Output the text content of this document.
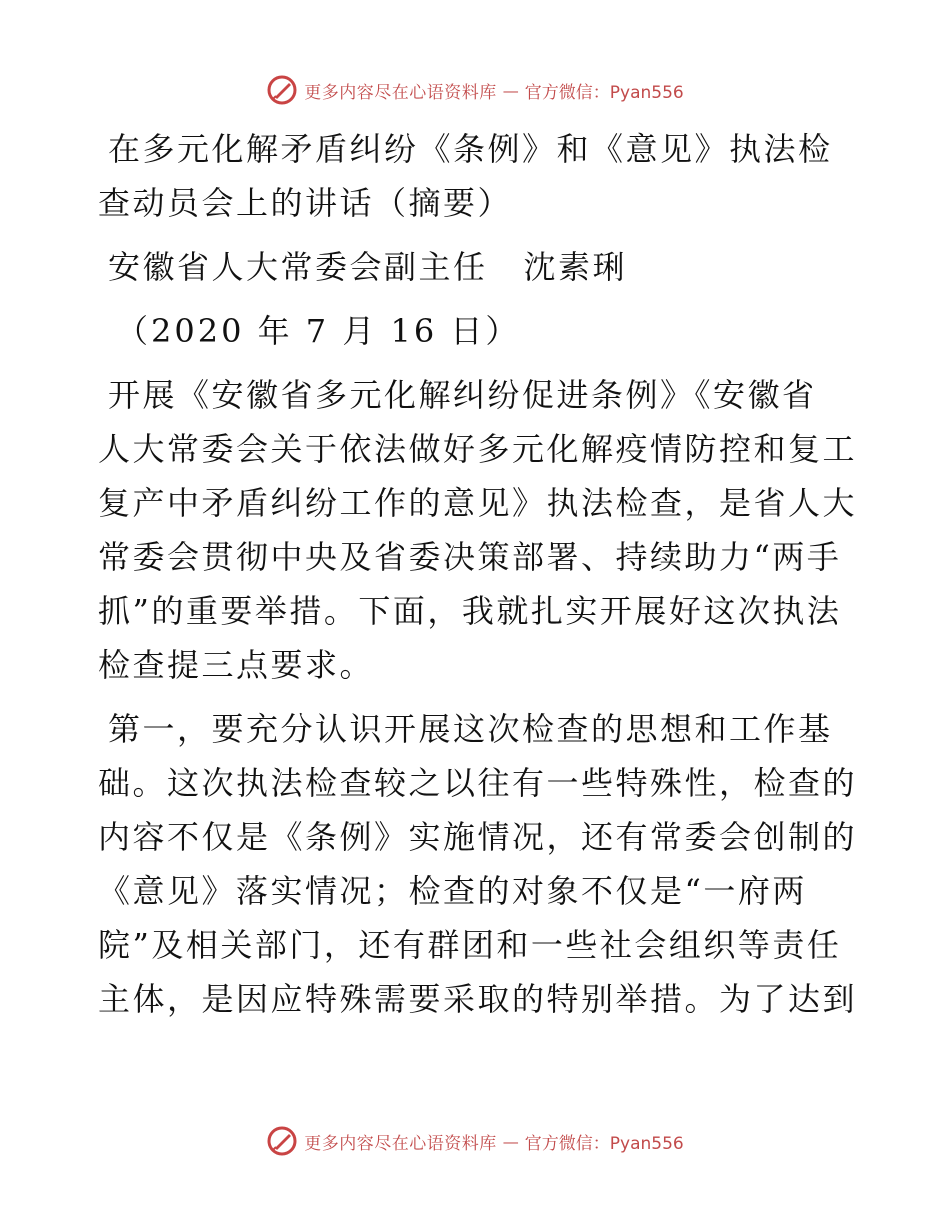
更多内容尽在心语资料库 — 官方微信：Pyan556
在多元化解矛盾纠纷《条例》和《意见》执法检
查动员会上的讲话（摘要）
安徽省人大常委会副主任 沈素琍
（2020 年 7 月 16 日）
开展《安徽省多元化解纠纷促进条例》《安徽省
人大常委会关于依法做好多元化解疫情防控和复工
复产中矛盾纠纷工作的意见》执法检查，是省人大
常委会贯彻中央及省委决策部署、持续助力“两手
抓”的重要举措。下面，我就扎实开展好这次执法
检查提三点要求。
第一，要充分认识开展这次检查的思想和工作基
础。这次执法检查较之以往有一些特殊性，检查的
内容不仅是《条例》实施情况，还有常委会创制的
《意见》落实情况；检查的对象不仅是“一府两
院”及相关部门，还有群团和一些社会组织等责任
主体，是因应特殊需要采取的特别举措。为了达到
更多内容尽在心语资料库 — 官方微信：Pyan556
